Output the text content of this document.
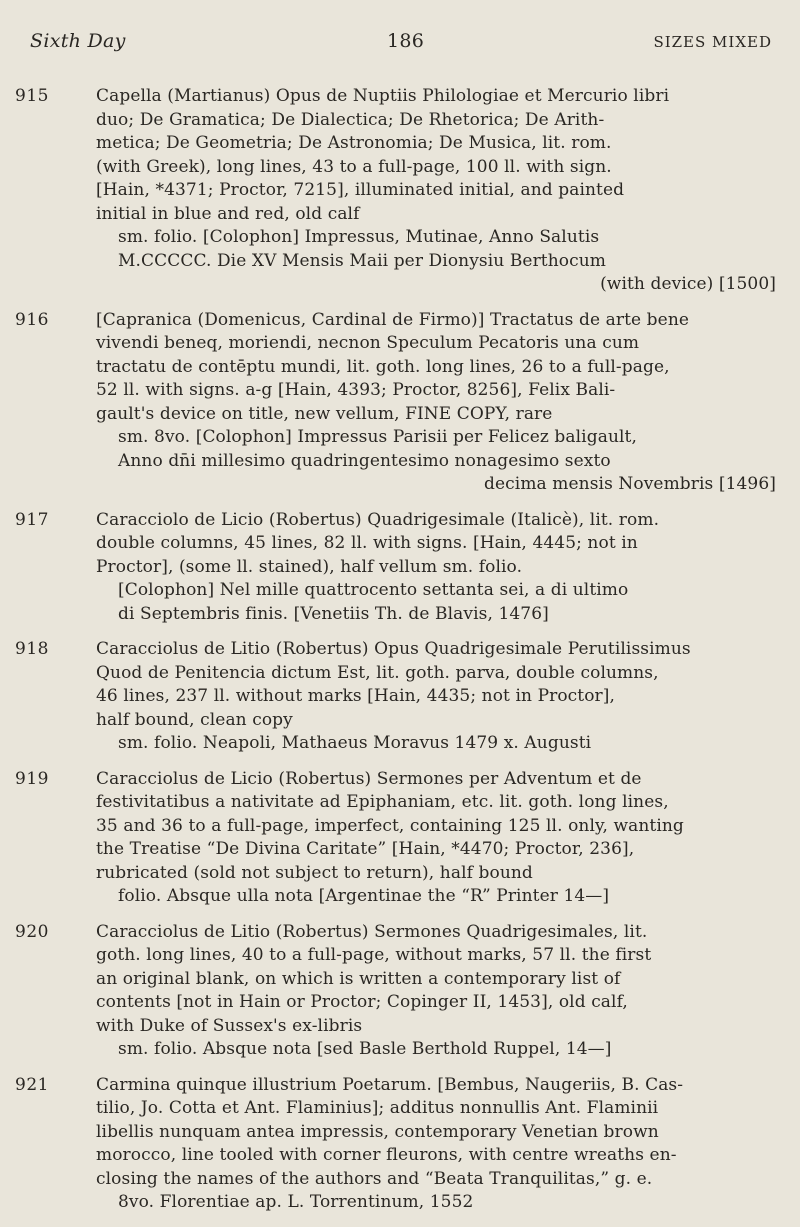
Sixth Day	186	SIZES MIXED
915	Capella (Martianus) Opus de Nuptiis Philologiae et Mercurio libri
duo; De Gramatica; De Dialectica; De Rhetorica; De Arith-
metica; De Geometria; De Astronomia; De Musica, lit. rom.
(with Greek), long lines, 43 to a full-page, 100 ll. with sign.
[Hain, *4371; Proctor, 7215], illuminated initial, and painted
initial in blue and red, old calf
sm. folio. [Colophon] Impressus, Mutinae, Anno Salutis
M.CCCCC. Die XV Mensis Maii per Dionysiu Berthocum
(with device) [1500]
916	[Capranica (Domenicus, Cardinal de Firmo)] Tractatus de arte bene
vivendi beneq, moriendi, necnon Speculum Pecatoris una cum
tractatu de contēptu mundi, lit. goth. long lines, 26 to a full-page,
52 ll. with signs. a-g [Hain, 4393; Proctor, 8256], Felix Bali-
gault's device on title, new vellum, FINE COPY, rare
sm. 8vo. [Colophon] Impressus Parisii per Felicez baligault,
Anno dn̄i millesimo quadringentesimo nonagesimo sexto
decima mensis Novembris [1496]
917	Caracciolo de Licio (Robertus) Quadrigesimale (Italicè), lit. rom.
double columns, 45 lines, 82 ll. with signs. [Hain, 4445; not in
Proctor], (some ll. stained), half vellum sm. folio.
[Colophon] Nel mille quattrocento settanta sei, a di ultimo
di Septembris finis. [Venetiis Th. de Blavis, 1476]
918	Caracciolus de Litio (Robertus) Opus Quadrigesimale Perutilissimus
Quod de Penitencia dictum Est, lit. goth. parva, double columns,
46 lines, 237 ll. without marks [Hain, 4435; not in Proctor],
half bound, clean copy
sm. folio. Neapoli, Mathaeus Moravus 1479 x. Augusti
919	Caracciolus de Licio (Robertus) Sermones per Adventum et de
festivitatibus a nativitate ad Epiphaniam, etc. lit. goth. long lines,
35 and 36 to a full-page, imperfect, containing 125 ll. only, wanting
the Treatise “De Divina Caritate” [Hain, *4470; Proctor, 236],
rubricated (sold not subject to return), half bound
folio. Absque ulla nota [Argentinae the “R” Printer 14—]
920	Caracciolus de Litio (Robertus) Sermones Quadrigesimales, lit.
goth. long lines, 40 to a full-page, without marks, 57 ll. the first
an original blank, on which is written a contemporary list of
contents [not in Hain or Proctor; Copinger II, 1453], old calf,
with Duke of Sussex's ex-libris
sm. folio. Absque nota [sed Basle Berthold Ruppel, 14—]
921	Carmina quinque illustrium Poetarum. [Bembus, Naugeriis, B. Cas-
tilio, Jo. Cotta et Ant. Flaminius]; additus nonnullis Ant. Flaminii
libellis nunquam antea impressis, contemporary Venetian brown
morocco, line tooled with corner fleurons, with centre wreaths en-
closing the names of the authors and “Beata Tranquilitas,” g. e.
8vo. Florentiae ap. L. Torrentinum, 1552
